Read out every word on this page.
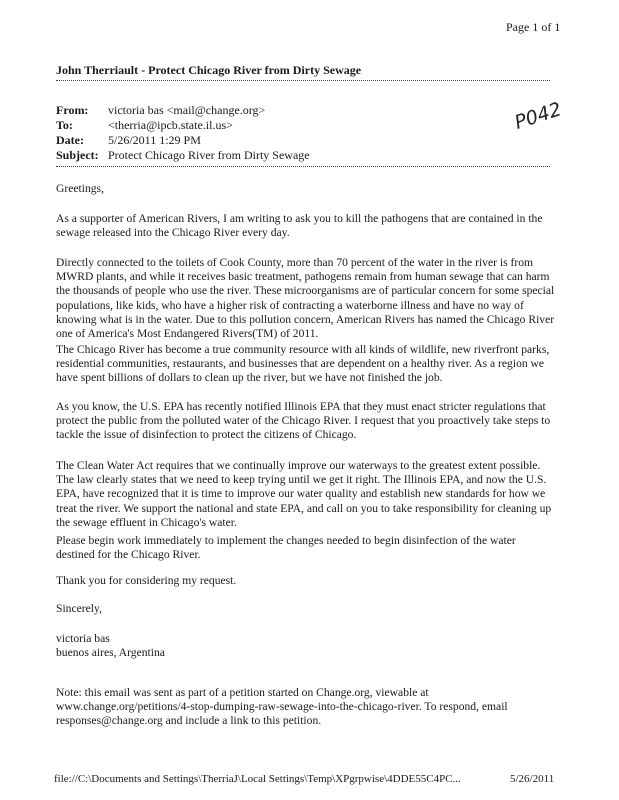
Page 1 of 1
John Therriault - Protect Chicago River from Dirty Sewage
From: victoria bas <mail@change.org>
To:	<therria@ipcb.state.il.us>
Date: 5/26/2011 1:29 PM
Subject: Protect Chicago River from Dirty Sewage
P042

Greetings,

As a supporter of American Rivers, I am writing to ask you to kill the pathogens that are contained in the sewage released into the Chicago River every day.

Directly connected to the toilets of Cook County, more than 70 percent of the water in the river is from MWRD plants, and while it receives basic treatment, pathogens remain from human sewage that can harm the thousands of people who use the river. These microorganisms are of particular concern for some special populations, like kids, who have a higher risk of contracting a waterborne illness and have no way of knowing what is in the water. Due to this pollution concern, American Rivers has named the Chicago River one of America's Most Endangered Rivers(TM) of 2011.

The Chicago River has become a true community resource with all kinds of wildlife, new riverfront parks, residential communities, restaurants, and businesses that are dependent on a healthy river. As a region we have spent billions of dollars to clean up the river, but we have not finished the job.

As you know, the U.S. EPA has recently notified Illinois EPA that they must enact stricter regulations that protect the public from the polluted water of the Chicago River. I request that you proactively take steps to tackle the issue of disinfection to protect the citizens of Chicago.

The Clean Water Act requires that we continually improve our waterways to the greatest extent possible. The law clearly states that we need to keep trying until we get it right. The Illinois EPA, and now the U.S. EPA, have recognized that it is time to improve our water quality and establish new standards for how we treat the river. We support the national and state EPA, and call on you to take responsibility for cleaning up the sewage effluent in Chicago's water.

Please begin work immediately to implement the changes needed to begin disinfection of the water destined for the Chicago River.

Thank you for considering my request.

Sincerely,

victoria bas

buenos aires, Argentina

Note: this email was sent as part of a petition started on Change.org, viewable at www.change.org/petitions/4-stop-dumping-raw-sewage-into-the-chicago-river. To respond, email responses@change.org and include a link to this petition.

file://C:\Documents and Settings\TherriaJ\Local Settings\Temp\XPgrpwise\4DDE55C4PC...	5/26/2011
